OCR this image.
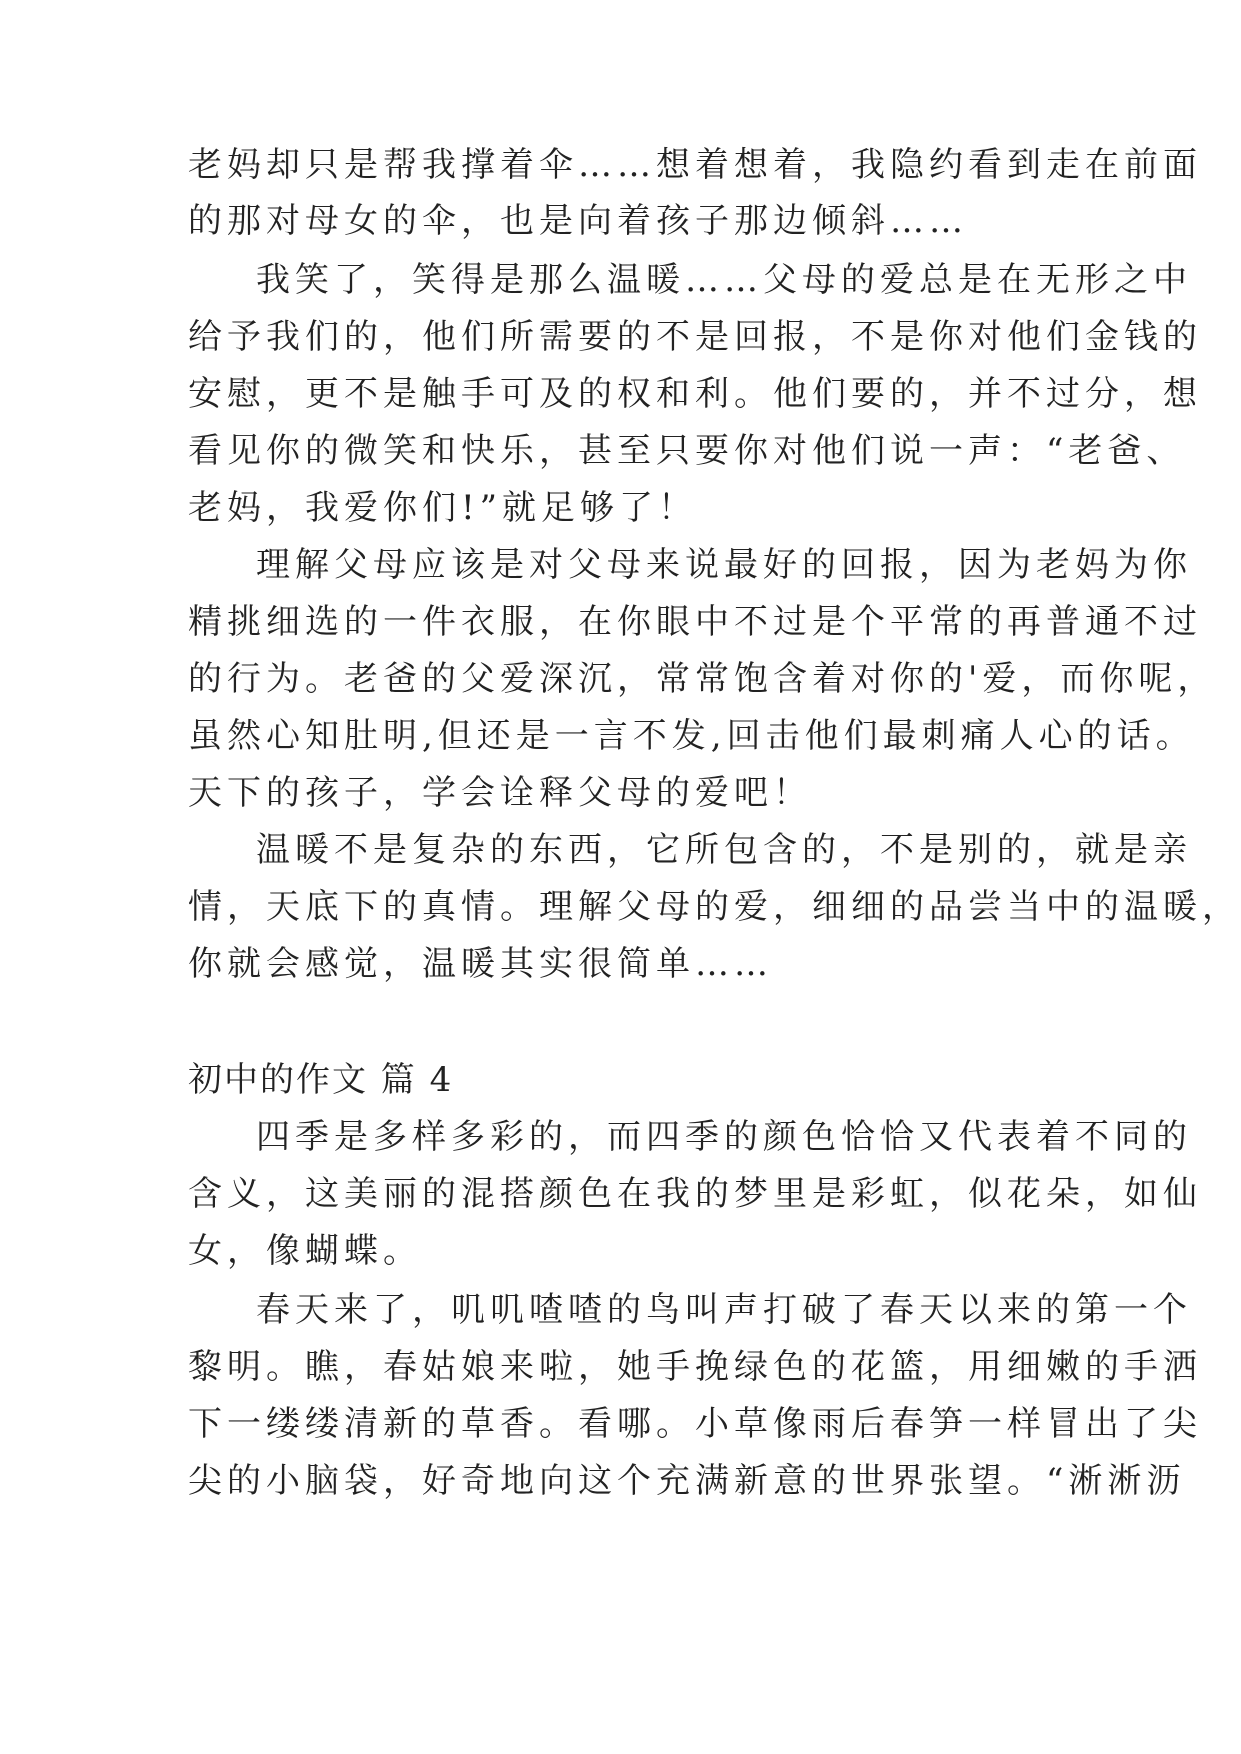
老妈却只是帮我撑着伞……想着想着，我隐约看到走在前面
的那对母女的伞，也是向着孩子那边倾斜……
我笑了，笑得是那么温暖……父母的爱总是在无形之中
给予我们的，他们所需要的不是回报，不是你对他们金钱的
安慰，更不是触手可及的权和利。他们要的，并不过分，想
看见你的微笑和快乐，甚至只要你对他们说一声：“老爸、
老妈，我爱你们!”就足够了！
理解父母应该是对父母来说最好的回报，因为老妈为你
精挑细选的一件衣服，在你眼中不过是个平常的再普通不过
的行为。老爸的父爱深沉，常常饱含着对你的'爱，而你呢，
虽然心知肚明,但还是一言不发,回击他们最刺痛人心的话。
天下的孩子，学会诠释父母的爱吧！
温暖不是复杂的东西，它所包含的，不是别的，就是亲
情，天底下的真情。理解父母的爱，细细的品尝当中的温暖，
你就会感觉，温暖其实很简单……
初中的作文 篇 4
四季是多样多彩的，而四季的颜色恰恰又代表着不同的
含义，这美丽的混搭颜色在我的梦里是彩虹，似花朵，如仙
女，像蝴蝶。
春天来了，叽叽喳喳的鸟叫声打破了春天以来的第一个
黎明。瞧，春姑娘来啦，她手挽绿色的花篮，用细嫩的手洒
下一缕缕清新的草香。看哪。小草像雨后春笋一样冒出了尖
尖的小脑袋，好奇地向这个充满新意的世界张望。“淅淅沥
